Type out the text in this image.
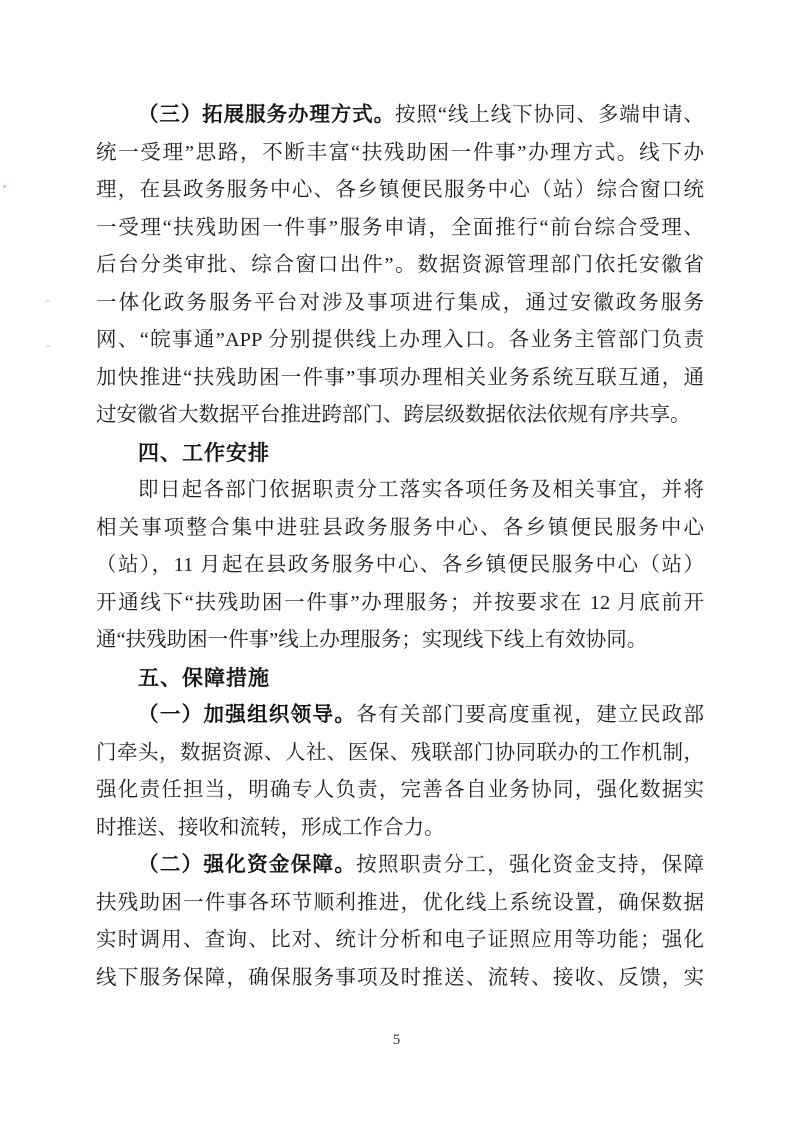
（三）拓展服务办理方式。按照“线上线下协同、多端申请、
统一受理”思路，不断丰富“扶残助困一件事”办理方式。线下办
理，在县政务服务中心、各乡镇便民服务中心（站）综合窗口统
一受理“扶残助困一件事”服务申请，全面推行“前台综合受理、
后台分类审批、综合窗口出件”。数据资源管理部门依托安徽省
一体化政务服务平台对涉及事项进行集成，通过安徽政务服务
网、“皖事通”APP 分别提供线上办理入口。各业务主管部门负责
加快推进“扶残助困一件事”事项办理相关业务系统互联互通，通
过安徽省大数据平台推进跨部门、跨层级数据依法依规有序共享。
四、工作安排
即日起各部门依据职责分工落实各项任务及相关事宜，并将
相关事项整合集中进驻县政务服务中心、各乡镇便民服务中心
（站），11 月起在县政务服务中心、各乡镇便民服务中心（站）
开通线下“扶残助困一件事”办理服务；并按要求在 12 月底前开
通“扶残助困一件事”线上办理服务；实现线下线上有效协同。
五、保障措施
（一）加强组织领导。各有关部门要高度重视，建立民政部
门牵头，数据资源、人社、医保、残联部门协同联办的工作机制，
强化责任担当，明确专人负责，完善各自业务协同，强化数据实
时推送、接收和流转，形成工作合力。
（二）强化资金保障。按照职责分工，强化资金支持，保障
扶残助困一件事各环节顺利推进，优化线上系统设置，确保数据
实时调用、查询、比对、统计分析和电子证照应用等功能；强化
线下服务保障，确保服务事项及时推送、流转、接收、反馈，实
5
